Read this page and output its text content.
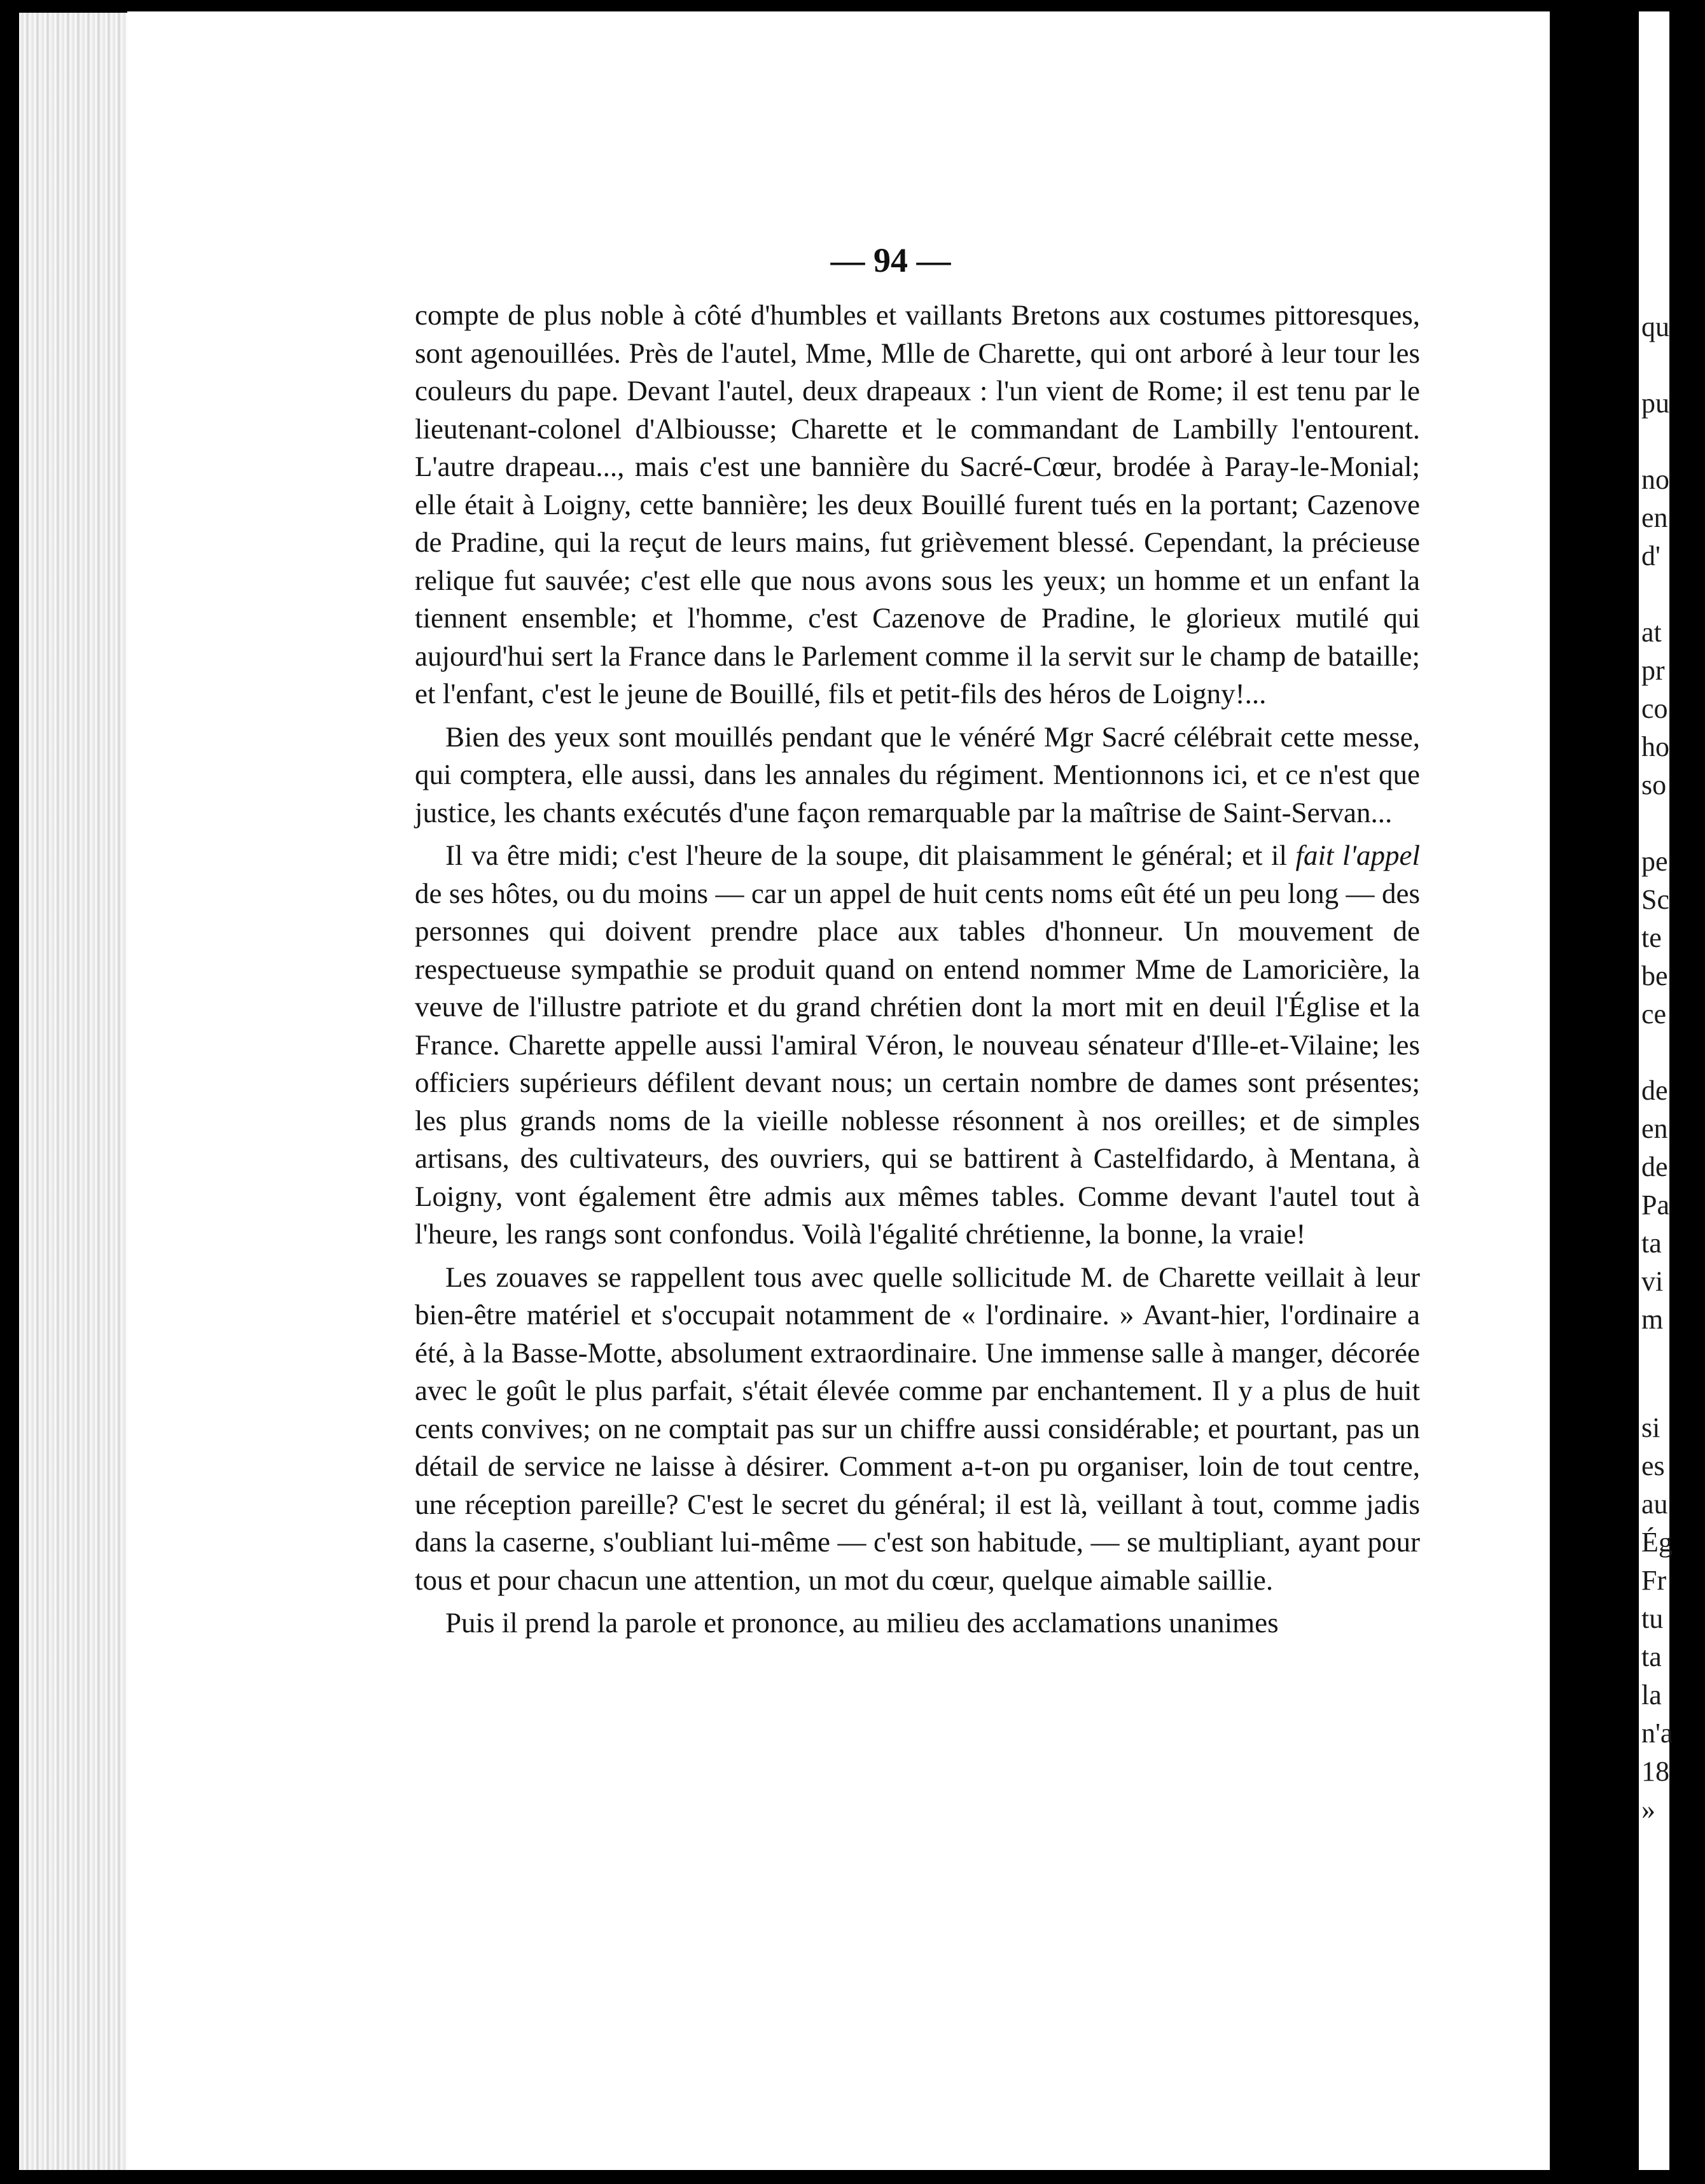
— 94 —

compte de plus noble à côté d'humbles et vaillants Bretons aux costumes pittoresques, sont agenouillées. Près de l'autel, Mme, Mlle de Charette, qui ont arboré à leur tour les couleurs du pape. Devant l'autel, deux drapeaux : l'un vient de Rome; il est tenu par le lieutenant-colonel d'Albiousse; Charette et le commandant de Lambilly l'entourent. L'autre drapeau..., mais c'est une bannière du Sacré-Cœur, brodée à Paray-le-Monial; elle était à Loigny, cette bannière; les deux Bouillé furent tués en la portant; Cazenove de Pradine, qui la reçut de leurs mains, fut grièvement blessé. Cependant, la précieuse relique fut sauvée; c'est elle que nous avons sous les yeux; un homme et un enfant la tiennent ensemble; et l'homme, c'est Cazenove de Pradine, le glorieux mutilé qui aujourd'hui sert la France dans le Parlement comme il la servit sur le champ de bataille; et l'enfant, c'est le jeune de Bouillé, fils et petit-fils des héros de Loigny!...

Bien des yeux sont mouillés pendant que le vénéré Mgr Sacré célébrait cette messe, qui comptera, elle aussi, dans les annales du régiment. Mentionnons ici, et ce n'est que justice, les chants exécutés d'une façon remarquable par la maîtrise de Saint-Servan...

Il va être midi; c'est l'heure de la soupe, dit plaisamment le général; et il fait l'appel de ses hôtes, ou du moins — car un appel de huit cents noms eût été un peu long — des personnes qui doivent prendre place aux tables d'honneur. Un mouvement de respectueuse sympathie se produit quand on entend nommer Mme de Lamoricière, la veuve de l'illustre patriote et du grand chrétien dont la mort mit en deuil l'Église et la France. Charette appelle aussi l'amiral Véron, le nouveau sénateur d'Ille-et-Vilaine; les officiers supérieurs défilent devant nous; un certain nombre de dames sont présentes; les plus grands noms de la vieille noblesse résonnent à nos oreilles; et de simples artisans, des cultivateurs, des ouvriers, qui se battirent à Castelfidardo, à Mentana, à Loigny, vont également être admis aux mêmes tables. Comme devant l'autel tout à l'heure, les rangs sont confondus. Voilà l'égalité chrétienne, la bonne, la vraie!

Les zouaves se rappellent tous avec quelle sollicitude M. de Charette veillait à leur bien-être matériel et s'occupait notamment de « l'ordinaire. » Avant-hier, l'ordinaire a été, à la Basse-Motte, absolument extraordinaire. Une immense salle à manger, décorée avec le goût le plus parfait, s'était élevée comme par enchantement. Il y a plus de huit cents convives; on ne comptait pas sur un chiffre aussi considérable; et pourtant, pas un détail de service ne laisse à désirer. Comment a-t-on pu organiser, loin de tout centre, une réception pareille? C'est le secret du général; il est là, veillant à tout, comme jadis dans la caserne, s'oubliant lui-même — c'est son habitude, — se multipliant, ayant pour tous et pour chacun une attention, un mot du cœur, quelque aimable saillie.

Puis il prend la parole et prononce, au milieu des acclamations unanimes

qu
pu
no
en
d'
at
pr
co
ho
so
pe
Sc
te
be
ce
de
en
de
Pa
ta
vi
m
si
es
au
Ég
Fr
tu
ta
la
n'a
18
»
